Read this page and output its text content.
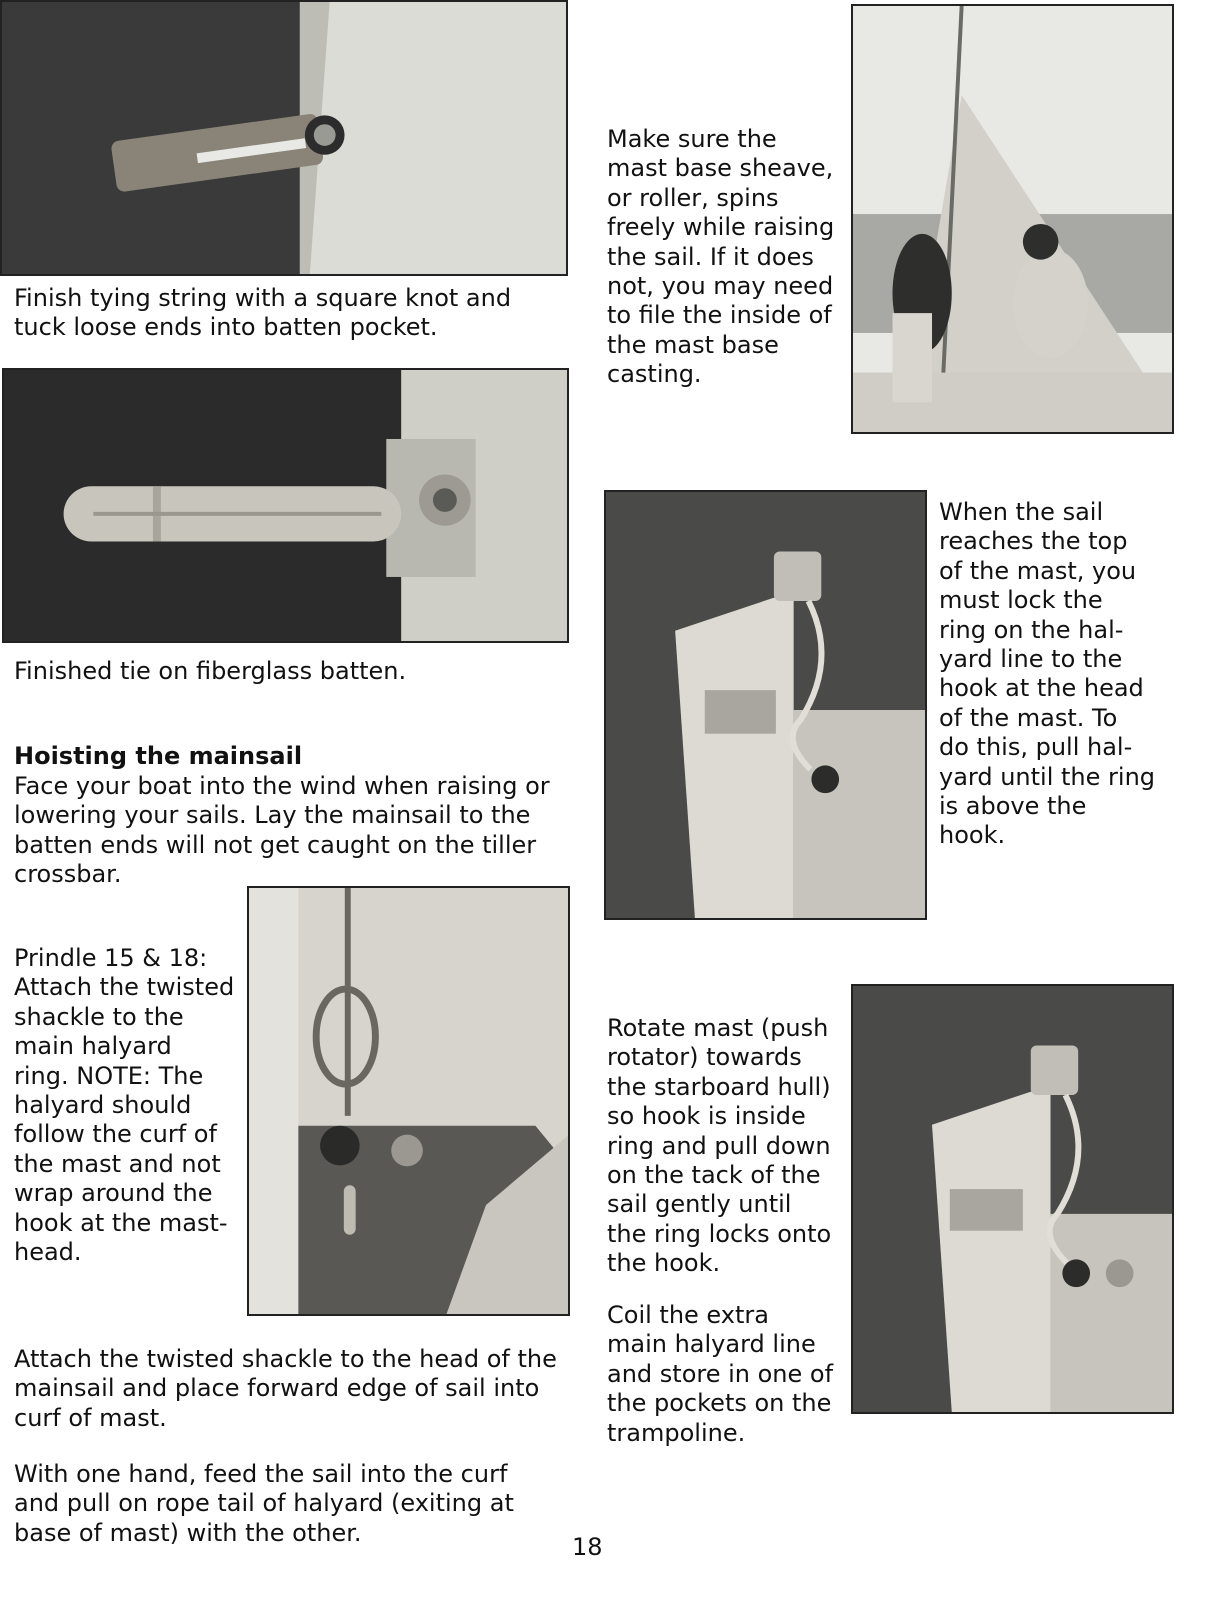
Finish tying string with a square knot and
tuck loose ends into batten pocket.

Finished tie on fiberglass batten.

Hoisting the mainsail

Face your boat into the wind when raising or
lowering your sails. Lay the mainsail to the
batten ends will not get caught on the tiller
crossbar.

Prindle 15 & 18:
Attach the twisted
shackle to the
main halyard
ring. NOTE: The
halyard should
follow the curf of
the mast and not
wrap around the
hook at the mast-
head.

Attach the twisted shackle to the head of the
mainsail and place forward edge of sail into
curf of mast.

With one hand, feed the sail into the curf
and pull on rope tail of halyard (exiting at
base of mast) with the other.

Make sure the
mast base sheave,
or roller, spins
freely while raising
the sail. If it does
not, you may need
to file the inside of
the mast base
casting.

When the sail
reaches the top
of the mast, you
must lock the
ring on the hal-
yard line to the
hook at the head
of the mast. To
do this, pull hal-
yard until the ring
is above the
hook.

Rotate mast (push
rotator) towards
the starboard hull)
so hook is inside
ring and pull down
on the tack of the
sail gently until
the ring locks onto
the hook.

Coil the extra
main halyard line
and store in one of
the pockets on the
trampoline.

18
